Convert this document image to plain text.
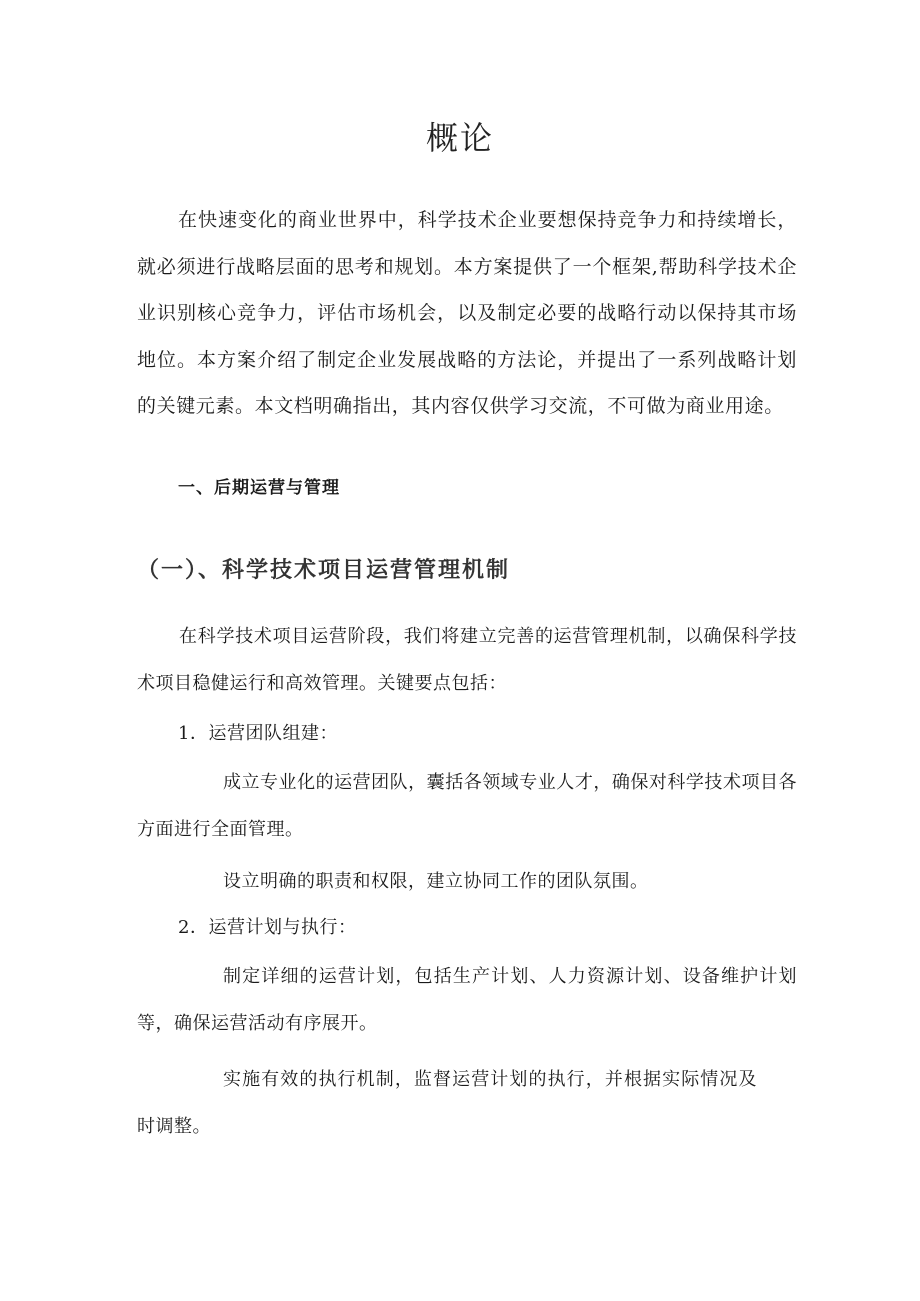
概论

在快速变化的商业世界中，科学技术企业要想保持竞争力和持续增长，就必须进行战略层面的思考和规划。本方案提供了一个框架,帮助科学技术企业识别核心竞争力，评估市场机会，以及制定必要的战略行动以保持其市场地位。本方案介绍了制定企业发展战略的方法论，并提出了一系列战略计划的关键元素。本文档明确指出，其内容仅供学习交流，不可做为商业用途。

一、后期运营与管理
（一）、科学技术项目运营管理机制

在科学技术项目运营阶段，我们将建立完善的运营管理机制，以确保科学技术项目稳健运行和高效管理。关键要点包括：

1．运营团队组建：

成立专业化的运营团队，囊括各领域专业人才，确保对科学技术项目各方面进行全面管理。

设立明确的职责和权限，建立协同工作的团队氛围。

2．运营计划与执行：

制定详细的运营计划，包括生产计划、人力资源计划、设备维护计划等，确保运营活动有序展开。

实施有效的执行机制，监督运营计划的执行，并根据实际情况及时调整。
